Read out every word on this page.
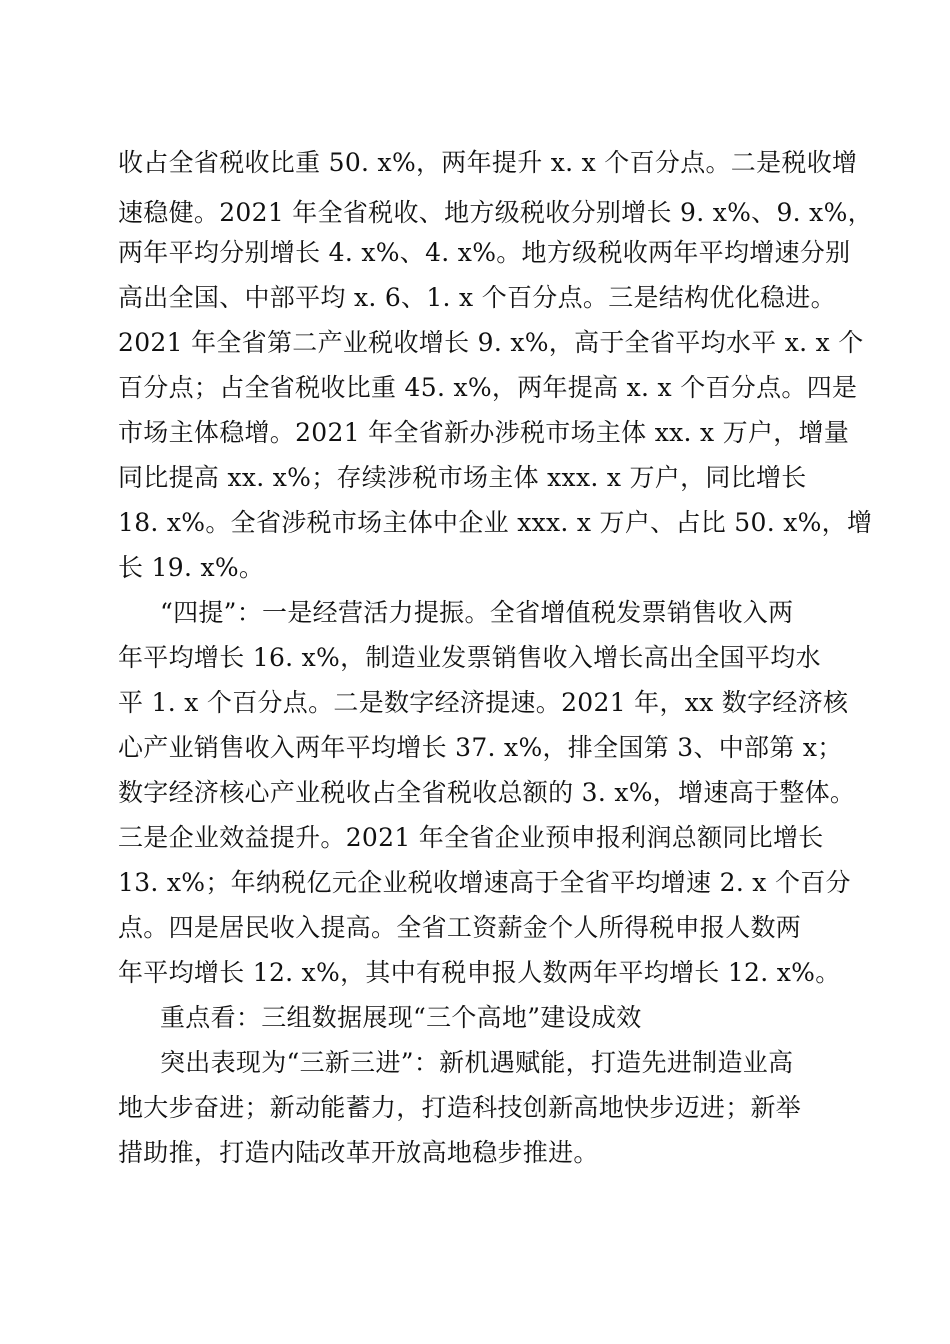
收占全省税收比重 50. x%，两年提升 x. x 个百分点。二是税收增
速稳健。2021 年全省税收、地方级税收分别增长 9. x%、9. x%，
两年平均分别增长 4. x%、4. x%。地方级税收两年平均增速分别
高出全国、中部平均 x. 6、1. x 个百分点。三是结构优化稳进。
2021 年全省第二产业税收增长 9. x%，高于全省平均水平 x. x 个
百分点；占全省税收比重 45. x%，两年提高 x. x 个百分点。四是
市场主体稳增。2021 年全省新办涉税市场主体 xx. x 万户，增量
同比提高 xx. x%；存续涉税市场主体 xxx. x 万户，同比增长
18. x%。全省涉税市场主体中企业 xxx. x 万户、占比 50. x%，增
长 19. x%。
“四提”：一是经营活力提振。全省增值税发票销售收入两
年平均增长 16. x%，制造业发票销售收入增长高出全国平均水
平 1. x 个百分点。二是数字经济提速。2021 年，xx 数字经济核
心产业销售收入两年平均增长 37. x%，排全国第 3、中部第 x；
数字经济核心产业税收占全省税收总额的 3. x%，增速高于整体。
三是企业效益提升。2021 年全省企业预申报利润总额同比增长
13. x%；年纳税亿元企业税收增速高于全省平均增速 2. x 个百分
点。四是居民收入提高。全省工资薪金个人所得税申报人数两
年平均增长 12. x%，其中有税申报人数两年平均增长 12. x%。
重点看：三组数据展现“三个高地”建设成效
突出表现为“三新三进”：新机遇赋能，打造先进制造业高
地大步奋进；新动能蓄力，打造科技创新高地快步迈进；新举
措助推，打造内陆改革开放高地稳步推进。
